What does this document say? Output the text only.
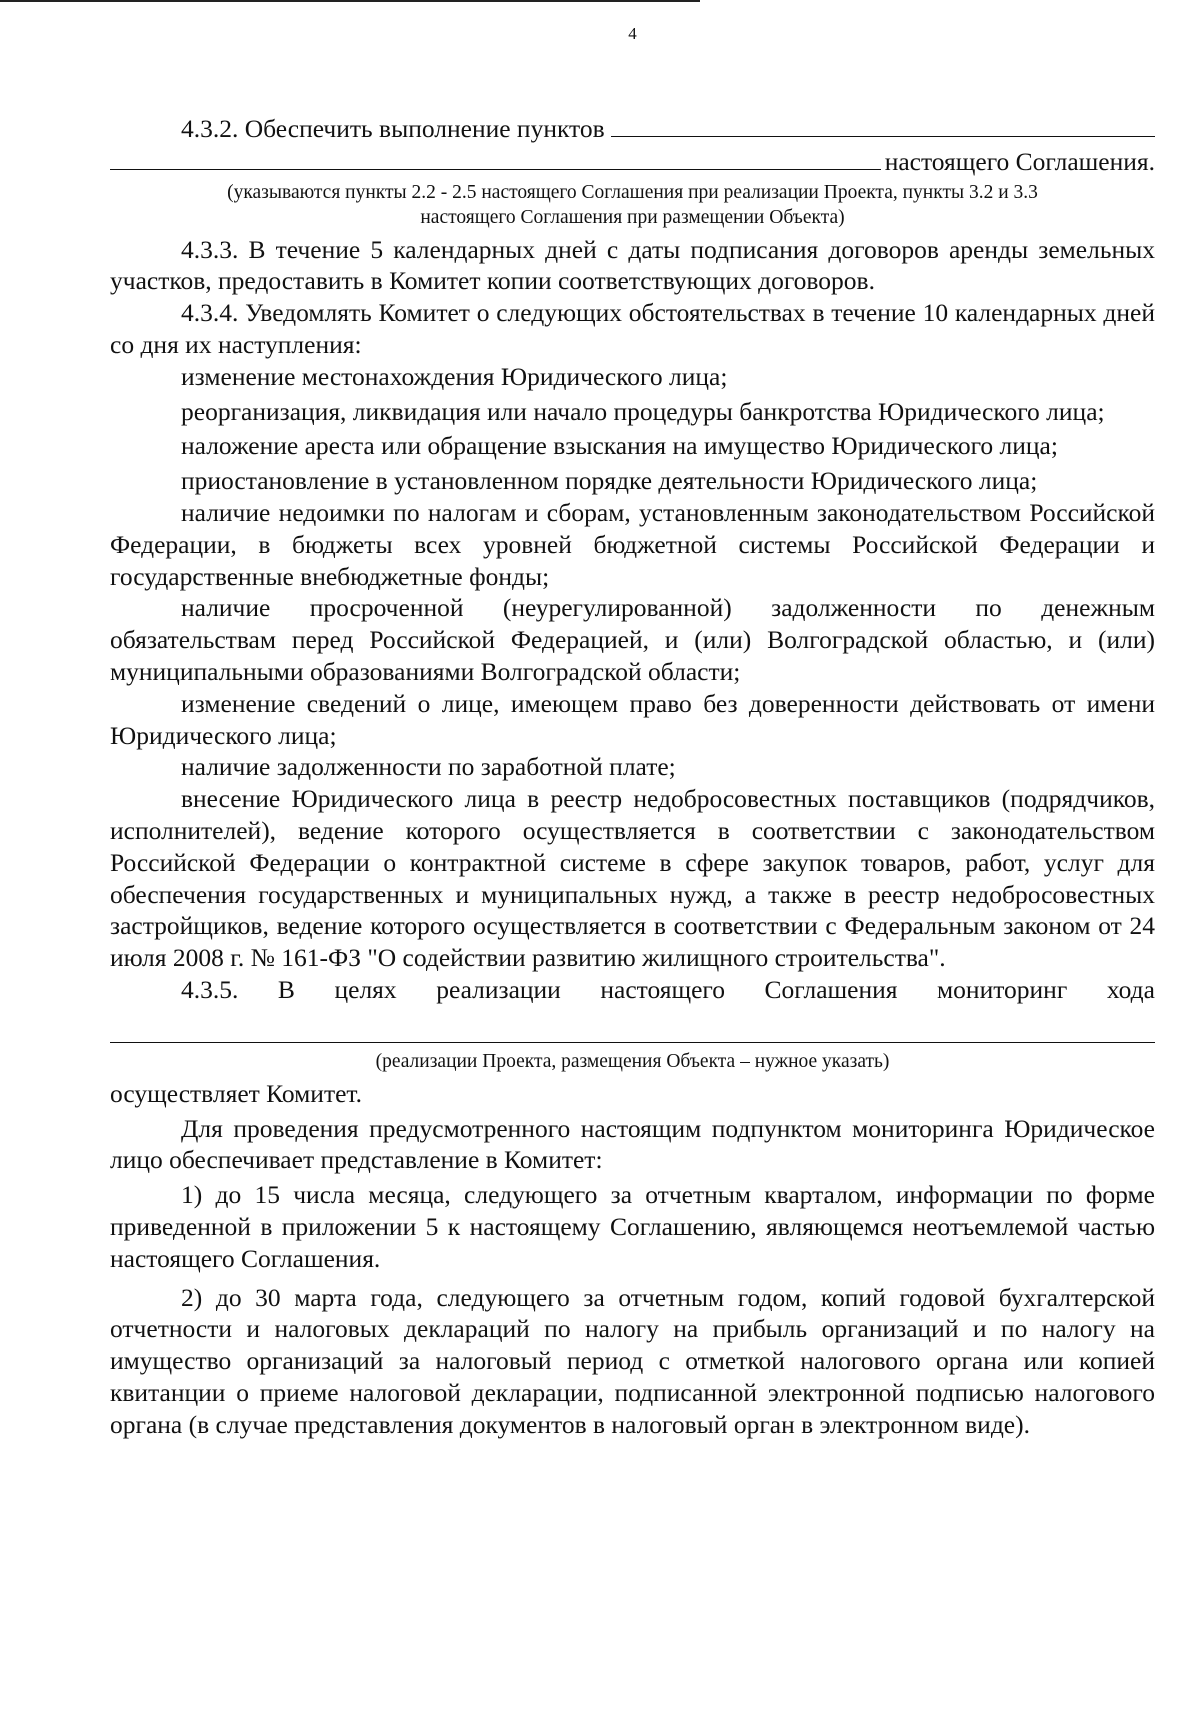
4
4.3.2. Обеспечить выполнение пунктов
настоящего Соглашения.
(указываются пункты 2.2 - 2.5 настоящего Соглашения при реализации Проекта, пункты 3.2 и 3.3
настоящего Соглашения при размещении Объекта)

4.3.3. В течение 5 календарных дней с даты подписания договоров аренды земельных участков, предоставить в Комитет копии соответствующих договоров.

4.3.4. Уведомлять Комитет о следующих обстоятельствах в течение 10 календарных дней со дня их наступления:

изменение местонахождения Юридического лица;

реорганизация, ликвидация или начало процедуры банкротства Юридического лица;

наложение ареста или обращение взыскания на имущество Юридического лица;

приостановление в установленном порядке деятельности Юридического лица;

наличие недоимки по налогам и сборам, установленным законодательством Российской Федерации, в бюджеты всех уровней бюджетной системы Российской Федерации и государственные внебюджетные фонды;

наличие просроченной (неурегулированной) задолженности по денежным обязательствам перед Российской Федерацией, и (или) Волгоградской областью, и (или) муниципальными образованиями Волгоградской области;

изменение сведений о лице, имеющем право без доверенности действовать от имени Юридического лица;

наличие задолженности по заработной плате;

внесение Юридического лица в реестр недобросовестных поставщиков (подрядчиков, исполнителей), ведение которого осуществляется в соответствии с законодательством Российской Федерации о контрактной системе в сфере закупок товаров, работ, услуг для обеспечения государственных и муниципальных нужд, а также в реестр недобросовестных застройщиков, ведение которого осуществляется в соответствии с Федеральным законом от 24 июля 2008 г. № 161-ФЗ "О содействии развитию жилищного строительства".

4.3.5. В целях реализации настоящего Соглашения мониторинг хода
(реализации Проекта, размещения Объекта – нужное указать)

осуществляет Комитет.

Для проведения предусмотренного настоящим подпунктом мониторинга Юридическое лицо обеспечивает представление в Комитет:

1) до 15 числа месяца, следующего за отчетным кварталом, информации по форме приведенной в приложении 5 к настоящему Соглашению, являющемся неотъемлемой частью настоящего Соглашения.

2) до 30 марта года, следующего за отчетным годом, копий годовой бухгалтерской отчетности и налоговых деклараций по налогу на прибыль организаций и по налогу на имущество организаций за налоговый период с отметкой налогового органа или копией квитанции о приеме налоговой декларации, подписанной электронной подписью налогового органа (в случае представления документов в налоговый орган в электронном виде).
